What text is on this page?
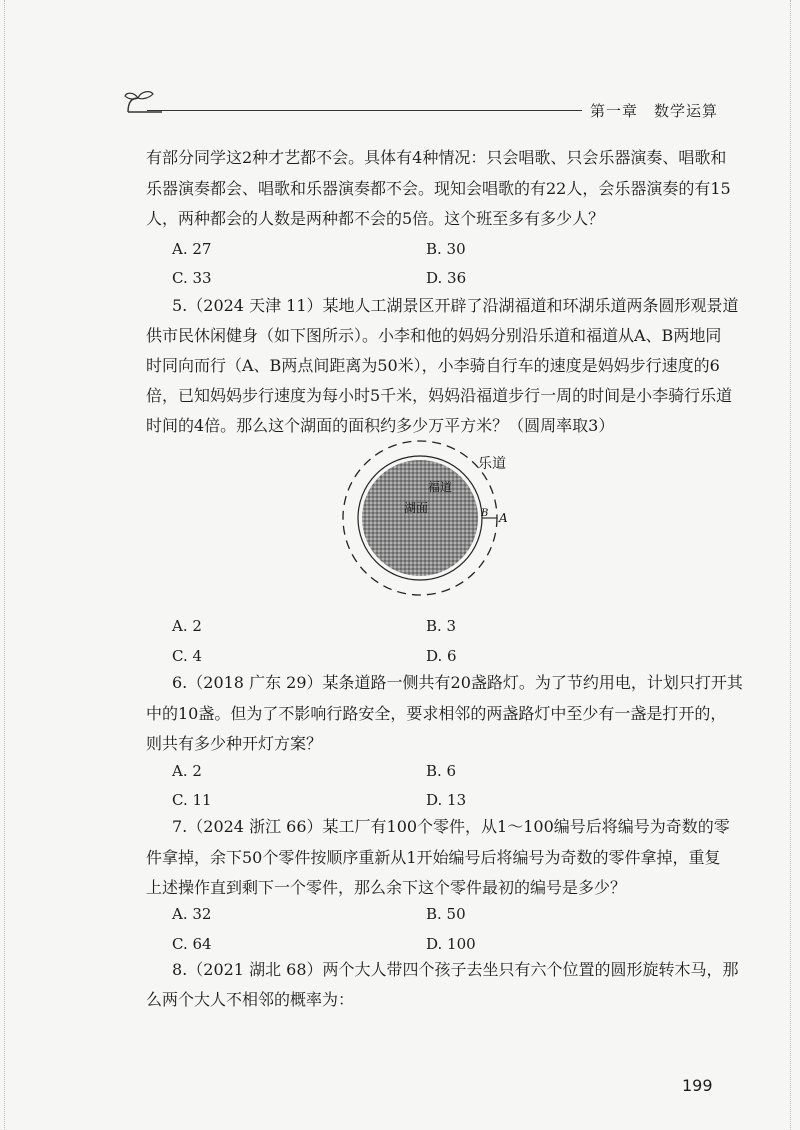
第一章 数学运算
有部分同学这2种才艺都不会。具体有4种情况：只会唱歌、只会乐器演奏、唱歌和
乐器演奏都会、唱歌和乐器演奏都不会。现知会唱歌的有22人，会乐器演奏的有15
人，两种都会的人数是两种都不会的5倍。这个班至多有多少人？
A. 27	B. 30
C. 33	D. 36
5.（2024 天津 11）某地人工湖景区开辟了沿湖福道和环湖乐道两条圆形观景道
供市民休闲健身（如下图所示）。小李和他的妈妈分别沿乐道和福道从A、B两地同
时同向而行（A、B两点间距离为50米），小李骑自行车的速度是妈妈步行速度的6
倍，已知妈妈步行速度为每小时5千米，妈妈沿福道步行一周的时间是小李骑行乐道
时间的4倍。那么这个湖面的面积约多少万平方米？（圆周率取3）
福道
湖面
乐道
B A
A. 2	B. 3
C. 4	D. 6
6.（2018 广东 29）某条道路一侧共有20盏路灯。为了节约用电，计划只打开其
中的10盏。但为了不影响行路安全，要求相邻的两盏路灯中至少有一盏是打开的，
则共有多少种开灯方案？
A. 2	B. 6
C. 11	D. 13
7.（2024 浙江 66）某工厂有100个零件，从1～100编号后将编号为奇数的零
件拿掉，余下50个零件按顺序重新从1开始编号后将编号为奇数的零件拿掉，重复
上述操作直到剩下一个零件，那么余下这个零件最初的编号是多少？
A. 32	B. 50
C. 64	D. 100
8.（2021 湖北 68）两个大人带四个孩子去坐只有六个位置的圆形旋转木马，那
么两个大人不相邻的概率为：
199
